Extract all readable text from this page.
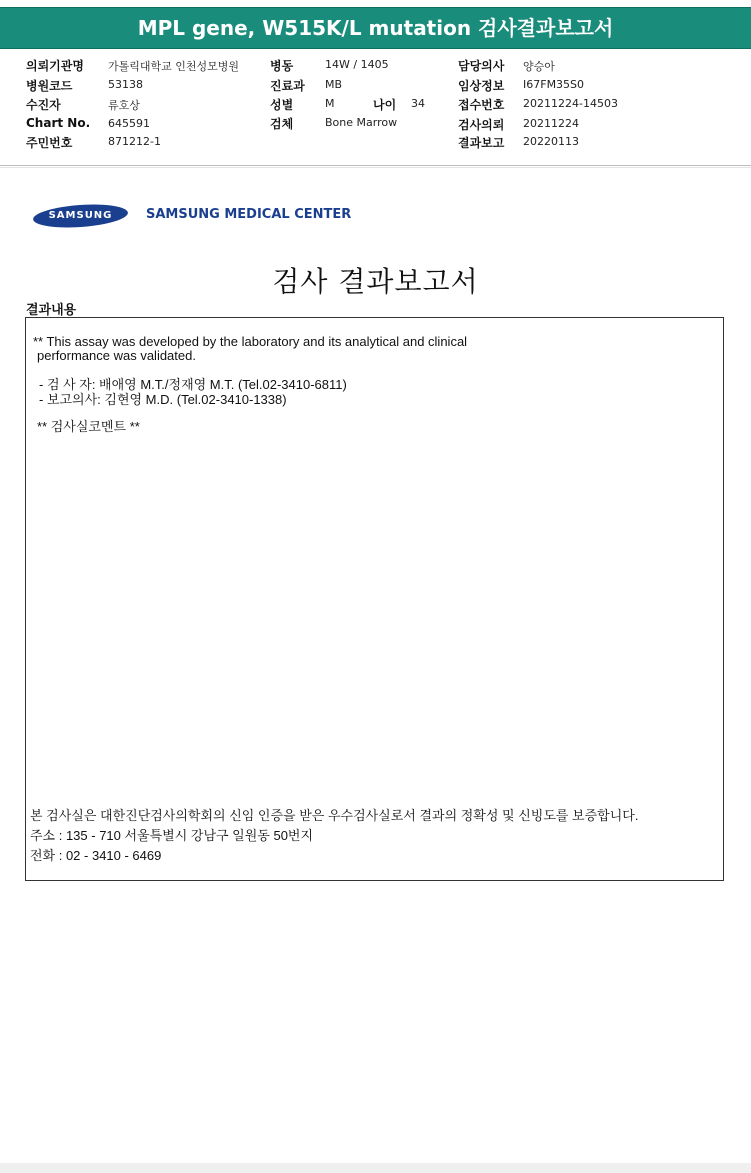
MPL gene, W515K/L mutation 검사결과보고서
의뢰기관명 가톨릭대학교 인천성모병원
병원코드	53138
수진자	류호상
Chart No. 645591
주민번호	871212-1
병동	14W / 1405
진료과 MB
성별	M	나이 34
검체	Bone Marrow
담당의사 양승아
임상정보 I67FM35S0
접수번호 20211224-14503
검사의뢰 20211224
결과보고 20220113
SAMSUNG	SAMSUNG MEDICAL CENTER
검사 결과보고서
결과내용
** This assay was developed by the laboratory and its analytical and clinical
performance was validated.
- 검 사 자: 배애영 M.T./정재영 M.T. (Tel.02-3410-6811)
- 보고의사: 김현영 M.D. (Tel.02-3410-1338)
** 검사실코멘트 **
본 검사실은 대한진단검사의학회의 신임 인증을 받은 우수검사실로서 결과의 정확성 및 신빙도를 보증합니다.
주소 : 135 - 710 서울특별시 강남구 일원동 50번지
전화 : 02 - 3410 - 6469
